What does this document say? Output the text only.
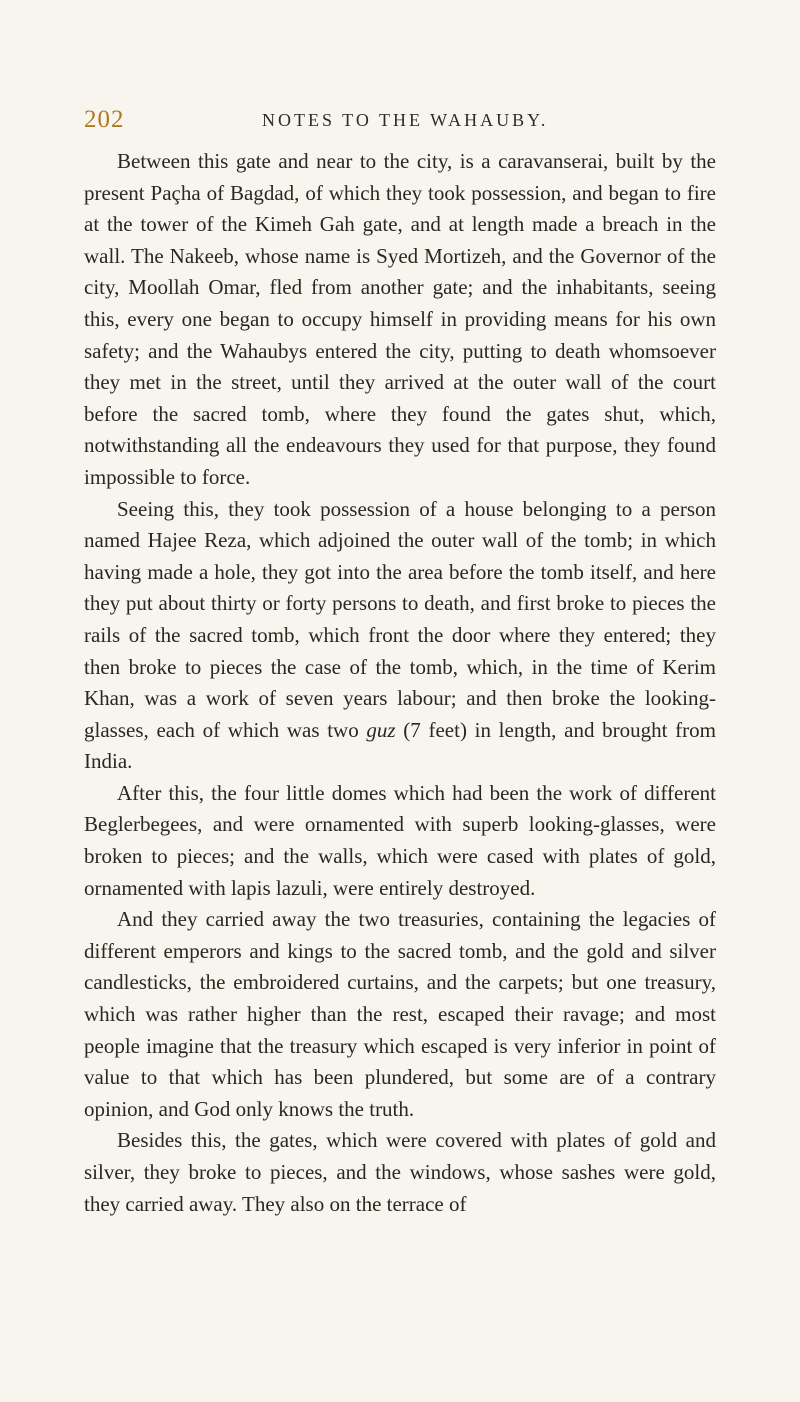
202	NOTES TO THE WAHAUBY.

Between this gate and near to the city, is a caravanserai, built by the present Paçha of Bagdad, of which they took possession, and began to fire at the tower of the Kimeh Gah gate, and at length made a breach in the wall. The Nakeeb, whose name is Syed Mortizeh, and the Governor of the city, Moollah Omar, fled from another gate; and the inhabitants, seeing this, every one began to occupy himself in providing means for his own safety; and the Wahaubys entered the city, putting to death whomsoever they met in the street, until they arrived at the outer wall of the court before the sacred tomb, where they found the gates shut, which, notwithstanding all the endeavours they used for that purpose, they found impossible to force.

Seeing this, they took possession of a house belonging to a person named Hajee Reza, which adjoined the outer wall of the tomb; in which having made a hole, they got into the area before the tomb itself, and here they put about thirty or forty persons to death, and first broke to pieces the rails of the sacred tomb, which front the door where they entered; they then broke to pieces the case of the tomb, which, in the time of Kerim Khan, was a work of seven years labour; and then broke the looking-glasses, each of which was two guz (7 feet) in length, and brought from India.

After this, the four little domes which had been the work of different Beglerbegees, and were ornamented with superb looking-glasses, were broken to pieces; and the walls, which were cased with plates of gold, ornamented with lapis lazuli, were entirely destroyed.

And they carried away the two treasuries, containing the legacies of different emperors and kings to the sacred tomb, and the gold and silver candlesticks, the embroidered curtains, and the carpets; but one treasury, which was rather higher than the rest, escaped their ravage; and most people imagine that the treasury which escaped is very inferior in point of value to that which has been plundered, but some are of a contrary opinion, and God only knows the truth.

Besides this, the gates, which were covered with plates of gold and silver, they broke to pieces, and the windows, whose sashes were gold, they carried away. They also on the terrace of
